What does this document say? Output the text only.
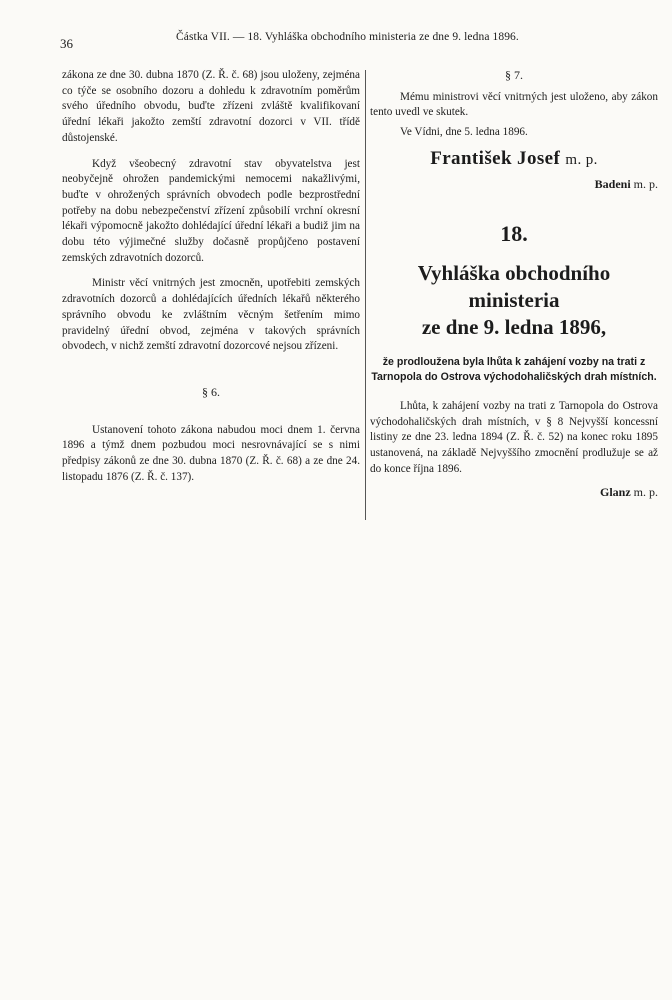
36	Částka VII. — 18. Vyhláška obchodního ministeria ze dne 9. ledna 1896.

zákona ze dne 30. dubna 1870 (Z. Ř. č. 68) jsou uloženy, zejména co týče se osobního dozoru a dohledu k zdravotním poměrům svého úředního obvodu, buďte zřízeni zvláště kvalifikovaní úřední lékaři jakožto zemští zdravotní dozorci v VII. třídě důstojenské.

Když všeobecný zdravotní stav obyvatelstva jest neobyčejně ohrožen pandemickými nemocemi nakažlivými, buďte v ohrožených správních obvodech podle bezprostřední potřeby na dobu nebezpečenství zřízení způsobilí vrchní okresní lékaři výpomocně jakožto dohlédající úřední lékaři a budiž jim na dobu této výjimečné služby dočasně propůjčeno postavení zemských zdravotních dozorců.

Ministr věcí vnitrných jest zmocněn, upotřebiti zemských zdravotních dozorců a dohlédajících úředních lékařů některého správního obvodu ke zvláštním věcným šetřením mimo pravidelný úřední obvod, zejména v takových správních obvodech, v nichž zemští zdravotní dozorcové nejsou zřízeni.

§ 6.

Ustanovení tohoto zákona nabudou moci dnem 1. června 1896 a týmž dnem pozbudou moci nesrovnávající se s nimi předpisy zákonů ze dne 30. dubna 1870 (Z. Ř. č. 68) a ze dne 24. listopadu 1876 (Z. Ř. č. 137).

§ 7.

Mému ministrovi věcí vnitrných jest uloženo, aby zákon tento uvedl ve skutek.

Ve Vídni, dne 5. ledna 1896.

František Josef m. p.
Badeni m. p.
18.
Vyhláška obchodního ministeria
ze dne 9. ledna 1896,

že prodloužena byla lhůta k zahájení vozby na trati z Tarnopola do Ostrova východohaličských drah místních.

Lhůta, k zahájení vozby na trati z Tarnopola do Ostrova východohaličských drah místních, v § 8 Nejvyšší koncessní listiny ze dne 23. ledna 1894 (Z. Ř. č. 52) na konec roku 1895 ustanovená, na základě Nejvyššího zmocnění prodlužuje se až do konce října 1896.

Glanz m. p.
